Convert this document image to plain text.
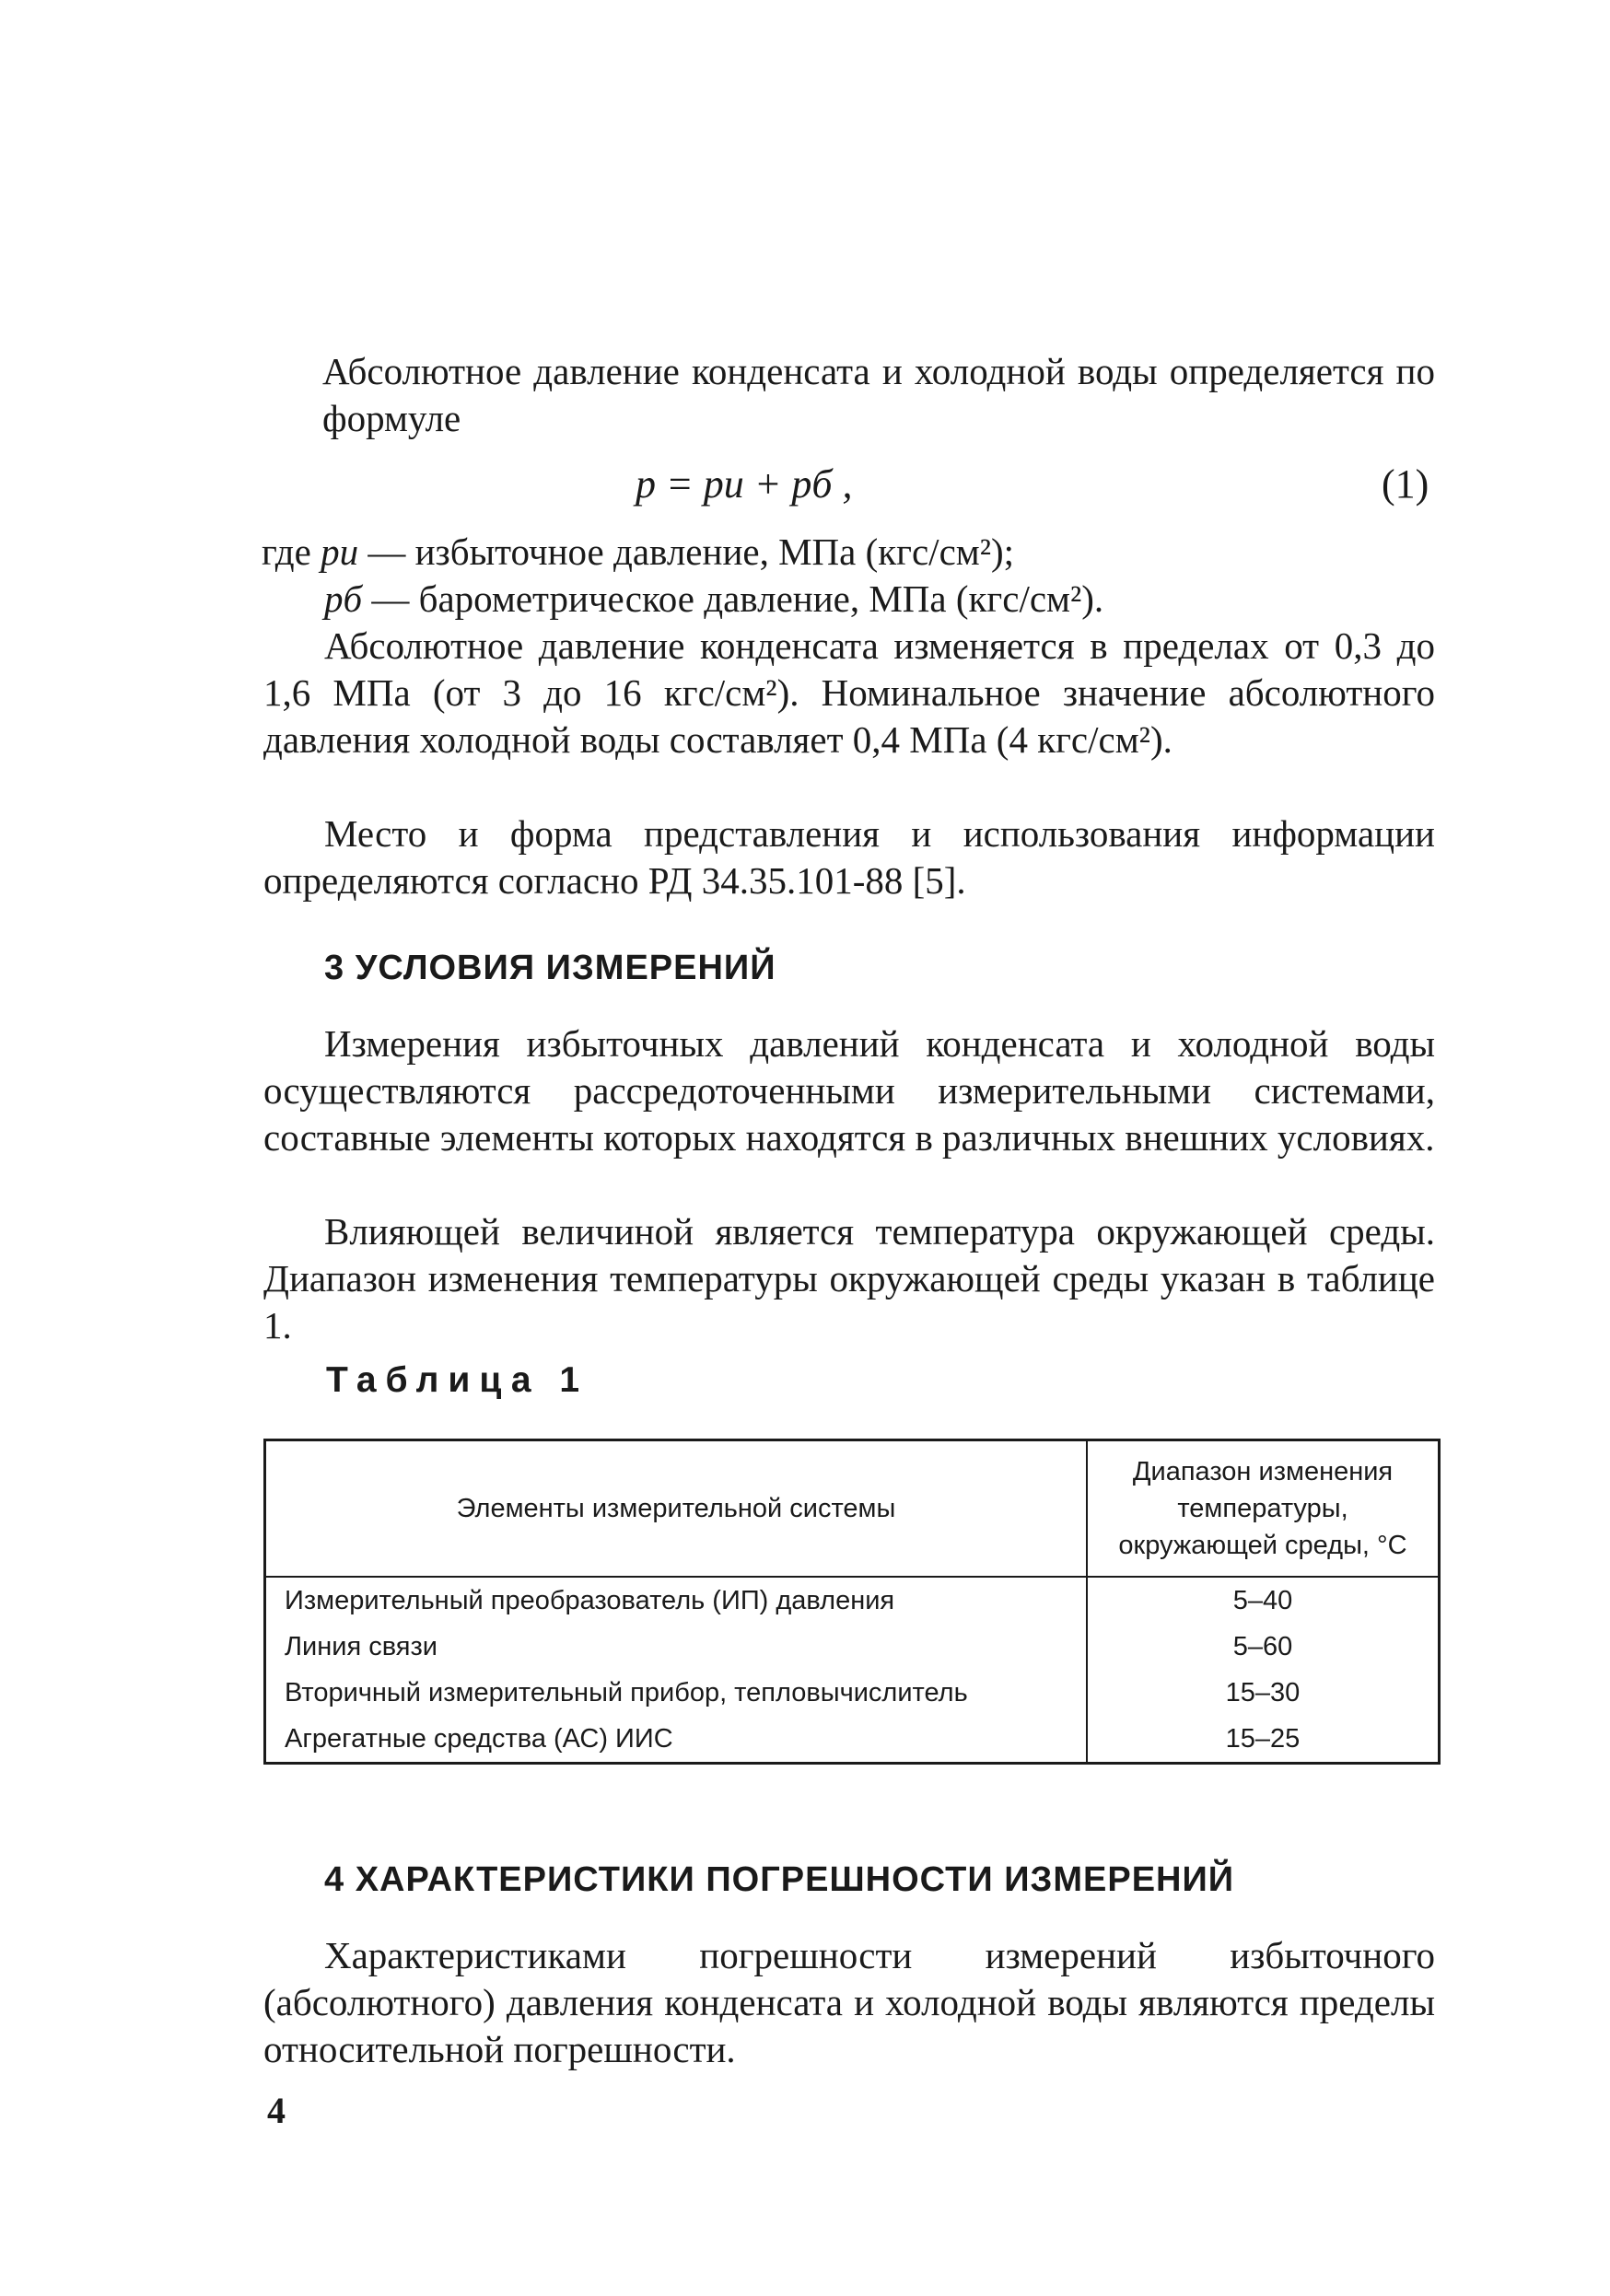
Абсолютное давление конденсата и холодной воды определяется по формуле

p = pи + pб ,	(1)
где pи — избыточное давление, МПа (кгс/см²);
pб — барометрическое давление, МПа (кгс/см²).

Абсолютное давление конденсата изменяется в пределах от 0,3 до 1,6 МПа (от 3 до 16 кгс/см²). Номинальное значение абсолютного давления холодной воды составляет 0,4 МПа (4 кгс/см²).

Место и форма представления и использования информации определяются согласно РД 34.35.101-88 [5].

3 УСЛОВИЯ ИЗМЕРЕНИЙ

Измерения избыточных давлений конденсата и холодной воды осуществляются рассредоточенными измерительными системами, составные элементы которых находятся в различных внешних условиях.

Влияющей величиной является температура окружающей среды. Диапазон изменения температуры окружающей среды указан в таблице 1.

Таблица 1
Элементы измерительной системы	Диапазон изменения температуры, окружающей среды, °С
Измерительный преобразователь (ИП) давления	5–40
Линия связи	5–60
Вторичный измерительный прибор, тепловычислитель	15–30
Агрегатные средства (АС) ИИС	15–25
4 ХАРАКТЕРИСТИКИ ПОГРЕШНОСТИ ИЗМЕРЕНИЙ

Характеристиками погрешности измерений избыточного (абсолютного) давления конденсата и холодной воды являются пределы относительной погрешности.

4
